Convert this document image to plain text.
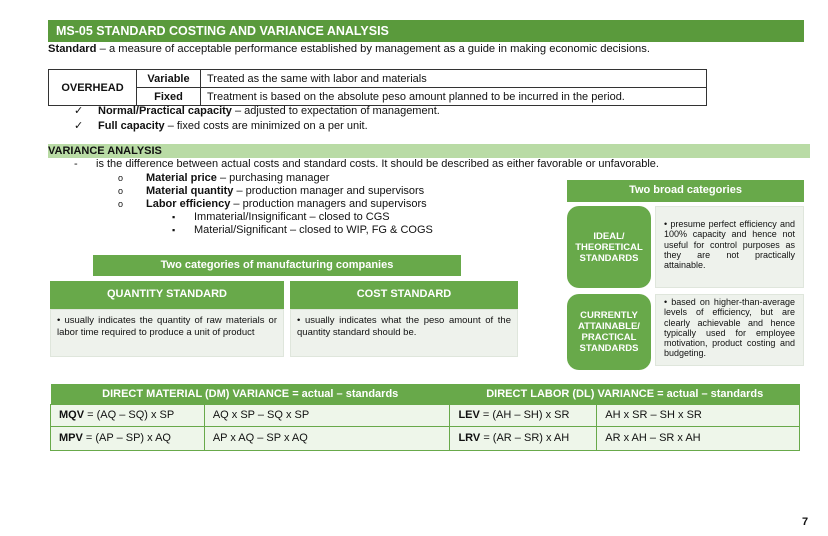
MS-05 STANDARD COSTING AND VARIANCE ANALYSIS
Standard – a measure of acceptable performance established by management as a guide in making economic decisions.
OVERHEAD	Variable	Treated as the same with labor and materials
	Fixed	Treatment is based on the absolute peso amount planned to be incurred in the period.
✓ Normal/Practical capacity – adjusted to expectation of management.
✓ Full capacity – fixed costs are minimized on a per unit.
VARIANCE ANALYSIS
- is the difference between actual costs and standard costs. It should be described as either favorable or unfavorable.
o Material price – purchasing manager
o Material quantity – production manager and supervisors
o Labor efficiency – production managers and supervisors
▪ Immaterial/Insignificant – closed to CGS
▪ Material/Significant – closed to WIP, FG & COGS
Two categories of manufacturing companies
QUANTITY STANDARD	COST STANDARD
• usually indicates the quantity of raw materials or labor time required to produce a unit of product
• usually indicates what the peso amount of the quantity standard should be.
Two broad categories
IDEAL/ THEORETICAL STANDARDS
• presume perfect efficiency and 100% capacity and hence not useful for control purposes as they are not practically attainable.
CURRENTLY ATTAINABLE/ PRACTICAL STANDARDS
• based on higher-than-average levels of efficiency, but are clearly achievable and hence typically used for employee motivation, product costing and budgeting.
DIRECT MATERIAL (DM) VARIANCE = actual – standards		DIRECT LABOR (DL) VARIANCE = actual – standards	
MQV = (AQ – SQ) x SP	AQ x SP – SQ x SP	LEV = (AH – SH) x SR	AH x SR – SH x SR
MPV = (AP – SP) x AQ	AP x AQ – SP x AQ	LRV = (AR – SR) x AH	AR x AH – SR x AH
7
